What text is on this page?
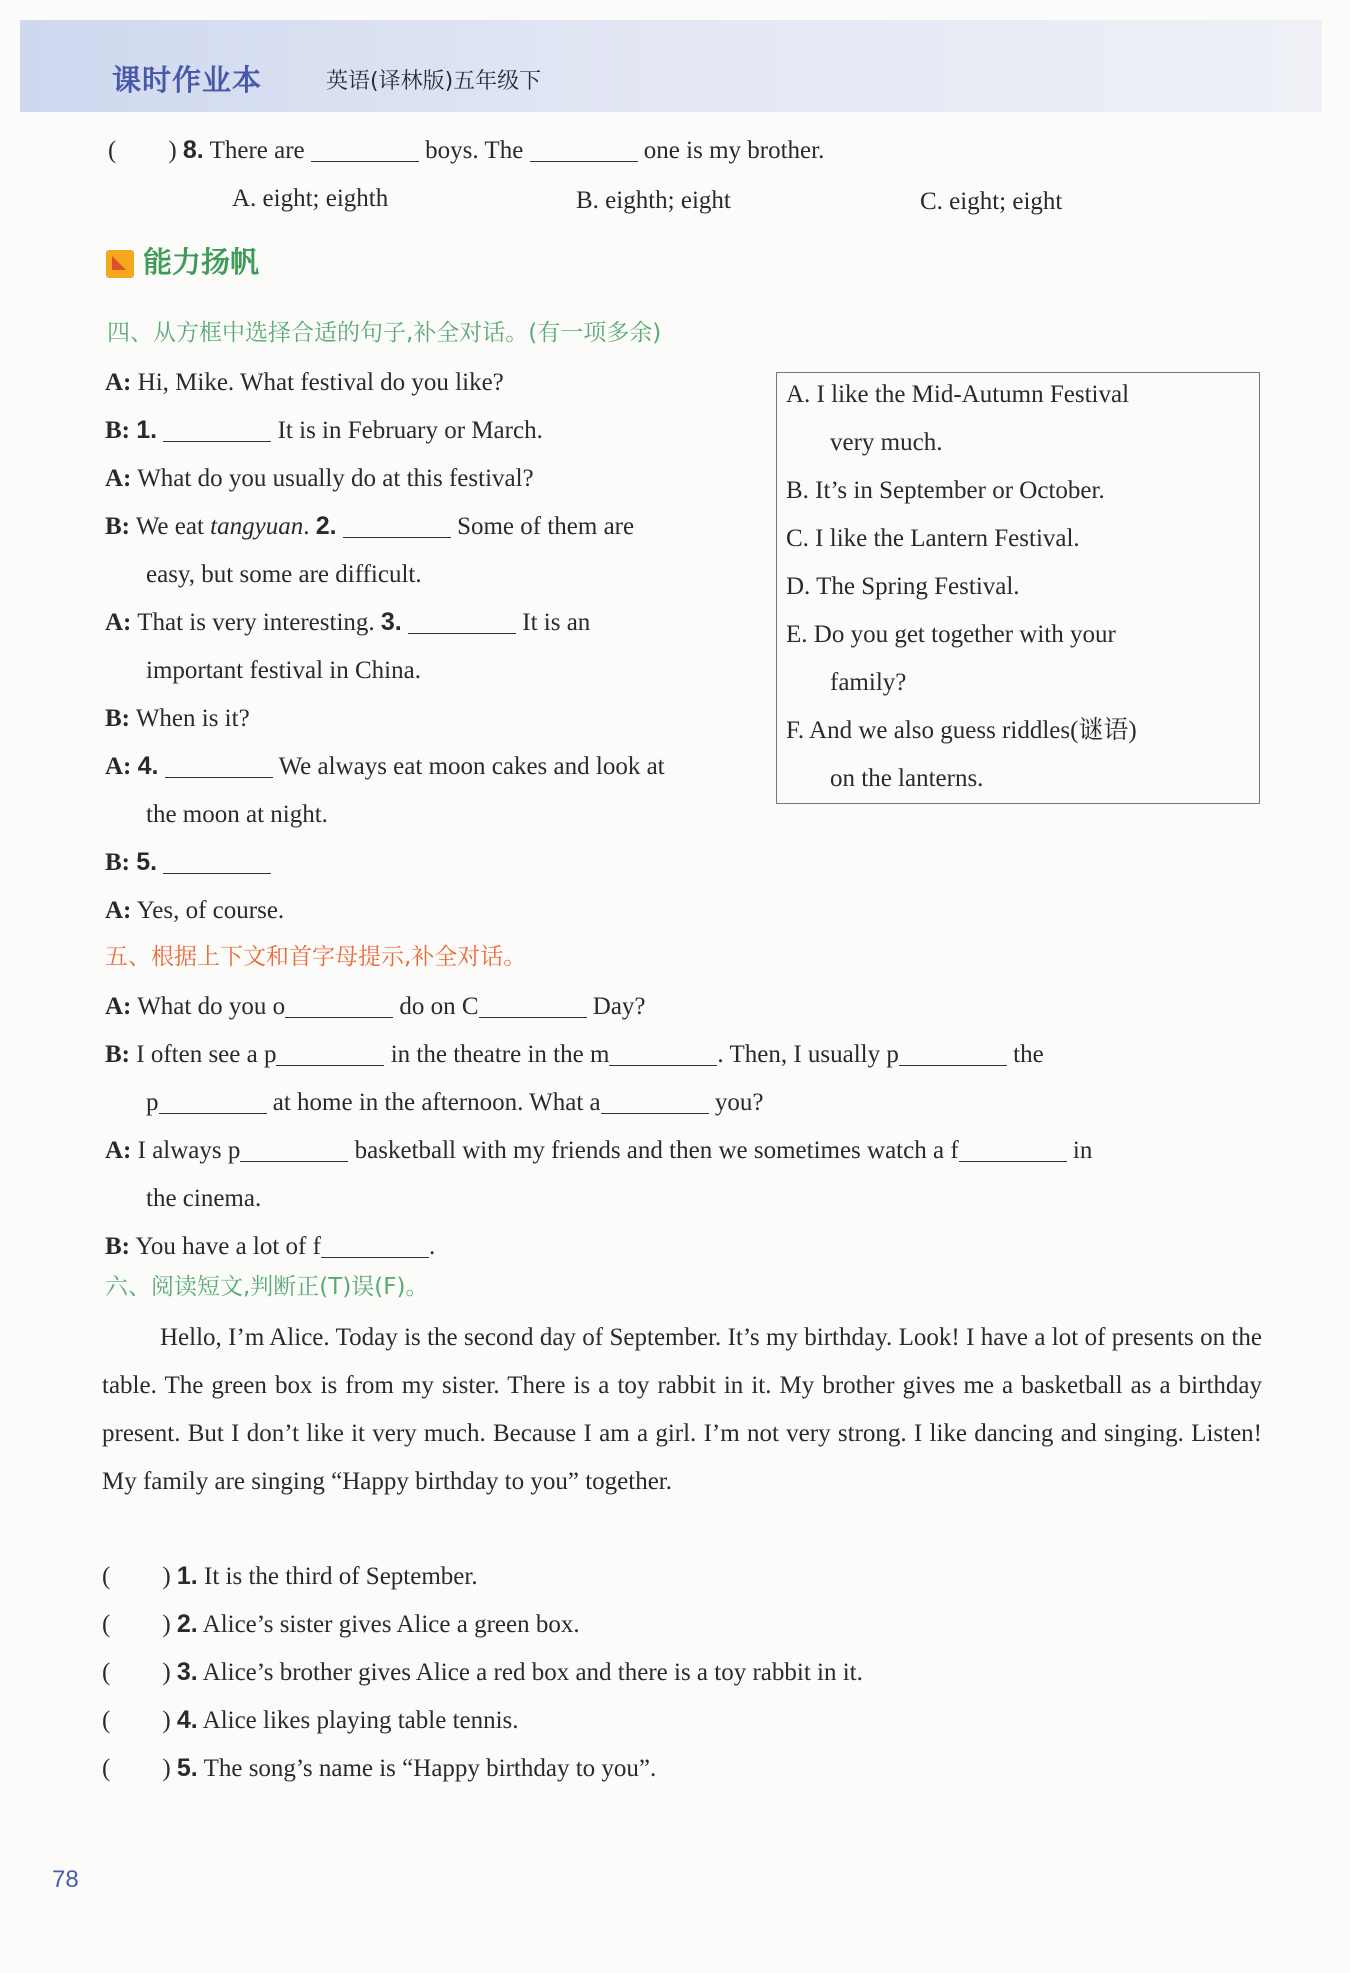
课时作业本	英语(译林版)五年级下

( ) 8. There are	boys. The	one is my brother.
A. eight; eighth	B. eighth; eight	C. eight; eight
能力扬帆
四、从方框中选择合适的句子,补全对话。(有一项多余)
A: Hi, Mike. What festival do you like?
B: 1.	It is in February or March.
A: What do you usually do at this festival?
B: We eat tangyuan. 2.	Some of them are
easy, but some are difficult.
A: That is very interesting. 3.	It is an
important festival in China.
B: When is it?
A: 4.	We always eat moon cakes and look at
the moon at night.
B: 5.
A: Yes, of course.
A. I like the Mid-Autumn Festival
very much.
B. It’s in September or October.
C. I like the Lantern Festival.
D. The Spring Festival.
E. Do you get together with your
family?
F. And we also guess riddles(谜语)
on the lanterns.
五、根据上下文和首字母提示,补全对话。
A: What do you o	do on C	Day?
B: I often see a p	in the theatre in the m	. Then, I usually p	the
p	at home in the afternoon. What a	you?
A: I always p	basketball with my friends and then we sometimes watch a f	in
the cinema.
B: You have a lot of f	.
六、阅读短文,判断正(T)误(F)。
Hello, I’m Alice. Today is the second day of September. It’s my birthday. Look! I have a lot of presents on the table. The green box is from my sister. There is a toy rabbit in it. My brother gives me a basketball as a birthday present. But I don’t like it very much. Because I am a girl. I’m not very strong. I like dancing and singing. Listen! My family are singing “Happy birthday to you” together.
( ) 1. It is the third of September.
( ) 2. Alice’s sister gives Alice a green box.
( ) 3. Alice’s brother gives Alice a red box and there is a toy rabbit in it.
( ) 4. Alice likes playing table tennis.
( ) 5. The song’s name is “Happy birthday to you”.
78
